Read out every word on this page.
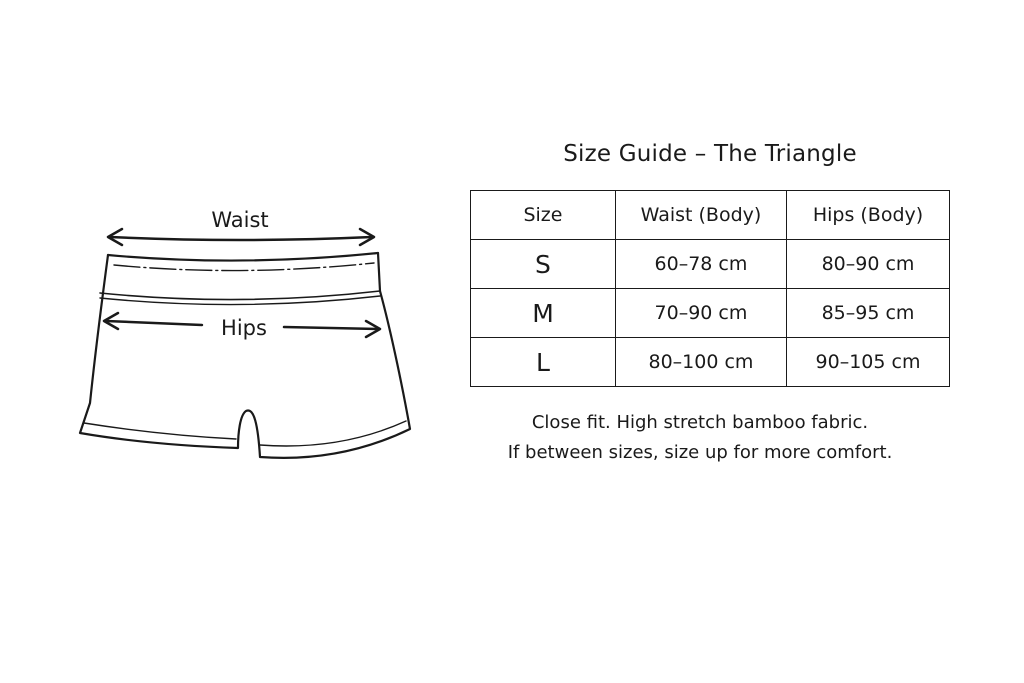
Waist
Hips
Size Guide – The Triangle
Size	Waist (Body)	Hips (Body)
S	60–78 cm	80–90 cm
M	70–90 cm	85–95 cm
L	80–100 cm	90–105 cm
Close fit. High stretch bamboo fabric.
If between sizes, size up for more comfort.
